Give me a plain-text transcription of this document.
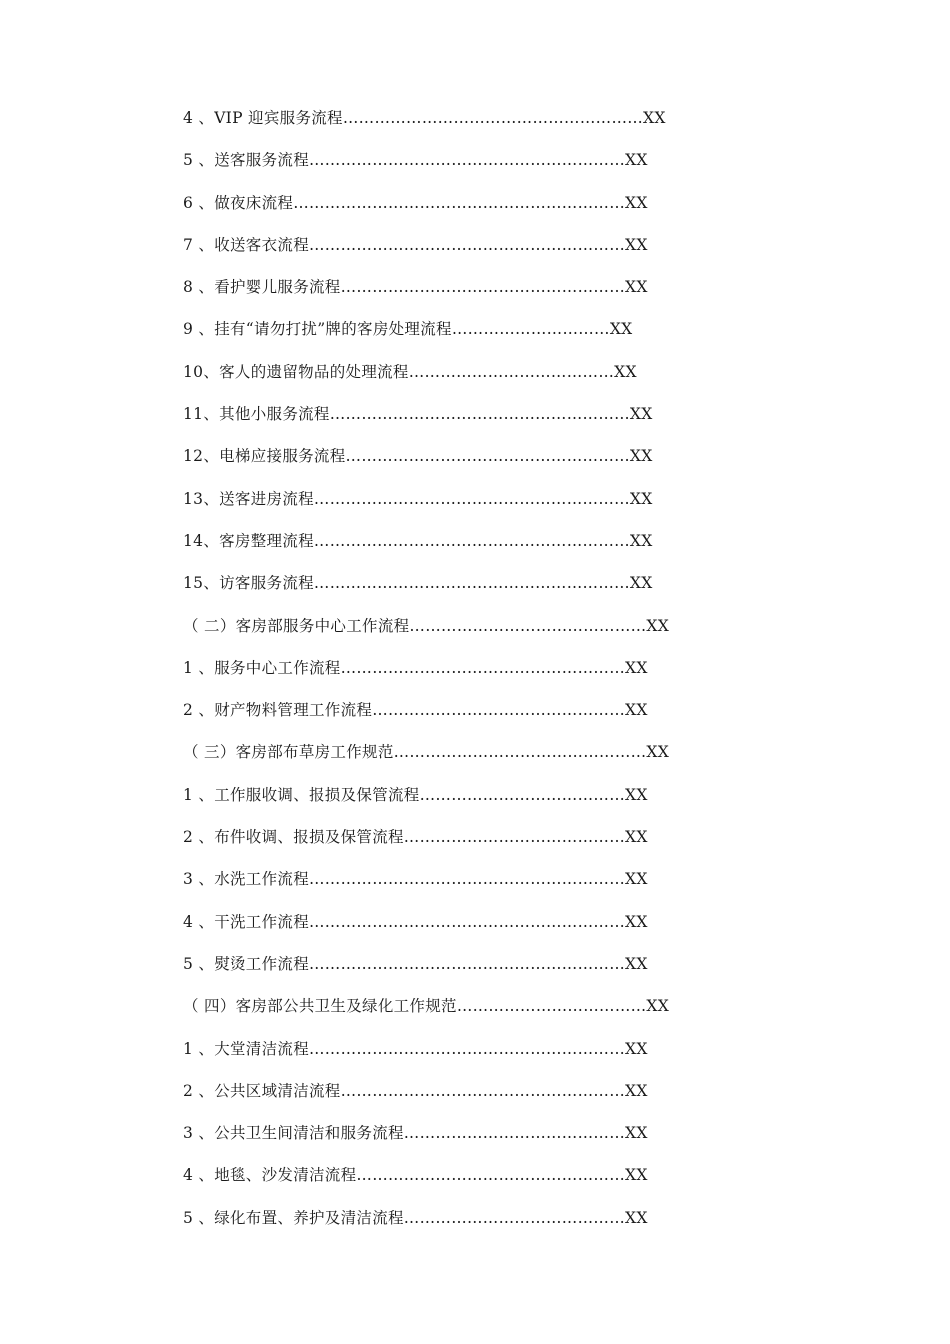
4 、VIP 迎宾服务流程…………………………………………………XX
5 、送客服务流程……………………………………………………XX
6 、做夜床流程………………………………………………………XX
7 、收送客衣流程……………………………………………………XX
8 、看护婴儿服务流程………………………………………………XX
9 、挂有“请勿打扰”牌的客房处理流程…………………………XX
10、客人的遗留物品的处理流程…………………………………XX
11、其他小服务流程…………………………………………………XX
12、电梯应接服务流程………………………………………………XX
13、送客进房流程……………………………………………………XX
14、客房整理流程……………………………………………………XX
15、访客服务流程……………………………………………………XX
（ 二）客房部服务中心工作流程………………………………………XX
1 、服务中心工作流程………………………………………………XX
2 、财产物料管理工作流程…………………………………………XX
（ 三）客房部布草房工作规范…………………………………………XX
1 、工作服收调、报损及保管流程…………………………………XX
2 、布件收调、报损及保管流程……………………………………XX
3 、水洗工作流程……………………………………………………XX
4 、干洗工作流程……………………………………………………XX
5 、熨烫工作流程……………………………………………………XX
（ 四）客房部公共卫生及绿化工作规范………………………………XX
1 、大堂清洁流程……………………………………………………XX
2 、公共区域清洁流程………………………………………………XX
3 、公共卫生间清洁和服务流程……………………………………XX
4 、地毯、沙发清洁流程……………………………………………XX
5 、绿化布置、养护及清洁流程……………………………………XX
